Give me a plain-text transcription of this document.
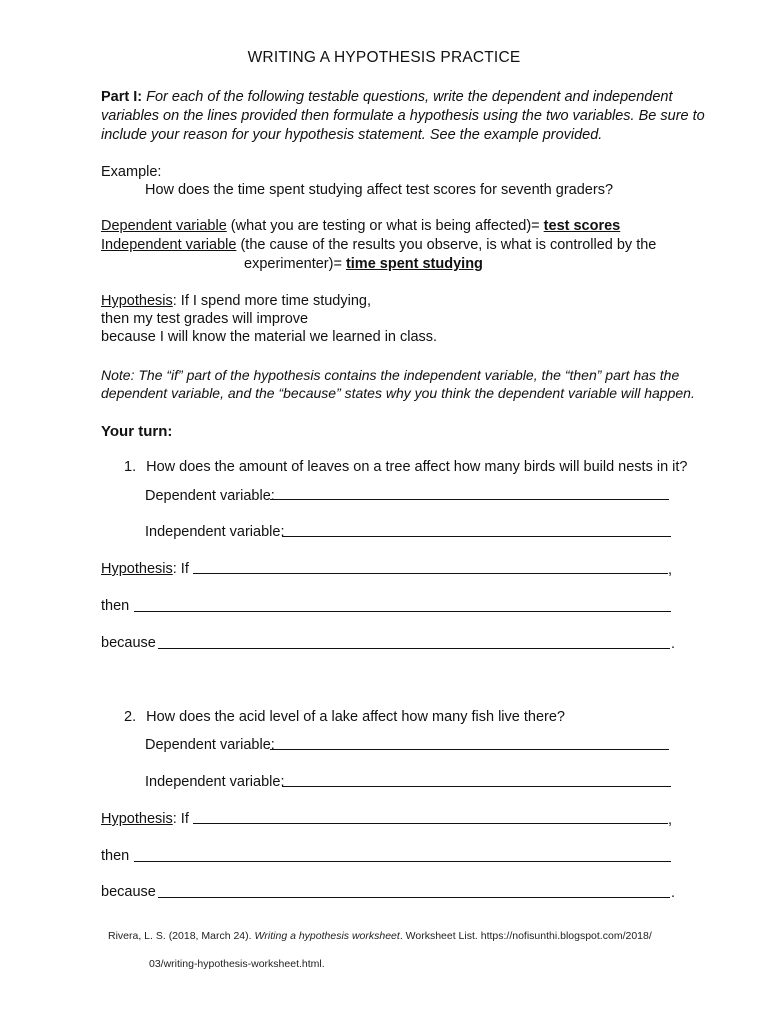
WRITING A HYPOTHESIS PRACTICE
Part I: For each of the following testable questions, write the dependent and independent
variables on the lines provided then formulate a hypothesis using the two variables. Be sure to
include your reason for your hypothesis statement. See the example provided.
Example:
How does the time spent studying affect test scores for seventh graders?
Dependent variable (what you are testing or what is being affected)= test scores
Independent variable (the cause of the results you observe, is what is controlled by the
experimenter)= time spent studying
Hypothesis: If I spend more time studying,
then my test grades will improve
because I will know the material we learned in class.
Note: The “if” part of the hypothesis contains the independent variable, the “then” part has the
dependent variable, and the “because” states why you think the dependent variable will happen.
Your turn:
1. How does the amount of leaves on a tree affect how many birds will build nests in it?
Dependent variable:
Independent variable:
Hypothesis: If	,
then
because	.
2. How does the acid level of a lake affect how many fish live there?
Dependent variable:
Independent variable:
Hypothesis: If	,
then
because	.
Rivera, L. S. (2018, March 24). Writing a hypothesis worksheet. Worksheet List. https://nofisunthi.blogspot.com/2018/
03/writing-hypothesis-worksheet.html.
